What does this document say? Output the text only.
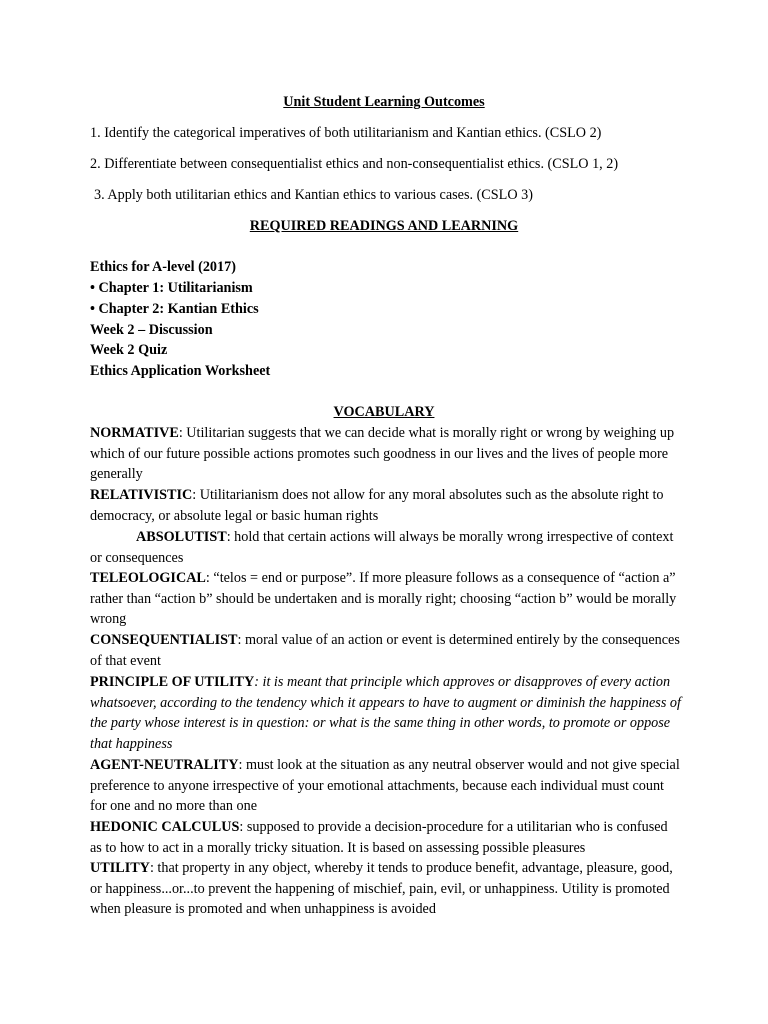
Unit Student Learning Outcomes
1. Identify the categorical imperatives of both utilitarianism and Kantian ethics. (CSLO 2)
2. Differentiate between consequentialist ethics and non-consequentialist ethics. (CSLO 1, 2)
3. Apply both utilitarian ethics and Kantian ethics to various cases. (CSLO 3)
REQUIRED READINGS AND LEARNING
Ethics for A-level (2017)
• Chapter 1: Utilitarianism
• Chapter 2: Kantian Ethics
Week 2 – Discussion
Week 2 Quiz
Ethics Application Worksheet
VOCABULARY
NORMATIVE: Utilitarian suggests that we can decide what is morally right or wrong by weighing up which of our future possible actions promotes such goodness in our lives and the lives of people more generally
RELATIVISTIC: Utilitarianism does not allow for any moral absolutes such as the absolute right to democracy, or absolute legal or basic human rights
ABSOLUTIST: hold that certain actions will always be morally wrong irrespective of context or consequences
TELEOLOGICAL: “telos = end or purpose”. If more pleasure follows as a consequence of “action a” rather than “action b” should be undertaken and is morally right; choosing “action b” would be morally wrong
CONSEQUENTIALIST: moral value of an action or event is determined entirely by the consequences of that event
PRINCIPLE OF UTILITY: it is meant that principle which approves or disapproves of every action whatsoever, according to the tendency which it appears to have to augment or diminish the happiness of the party whose interest is in question: or what is the same thing in other words, to promote or oppose that happiness
AGENT-NEUTRALITY: must look at the situation as any neutral observer would and not give special preference to anyone irrespective of your emotional attachments, because each individual must count for one and no more than one
HEDONIC CALCULUS: supposed to provide a decision-procedure for a utilitarian who is confused as to how to act in a morally tricky situation. It is based on assessing possible pleasures
UTILITY: that property in any object, whereby it tends to produce benefit, advantage, pleasure, good, or happiness...or...to prevent the happening of mischief, pain, evil, or unhappiness. Utility is promoted when pleasure is promoted and when unhappiness is avoided
